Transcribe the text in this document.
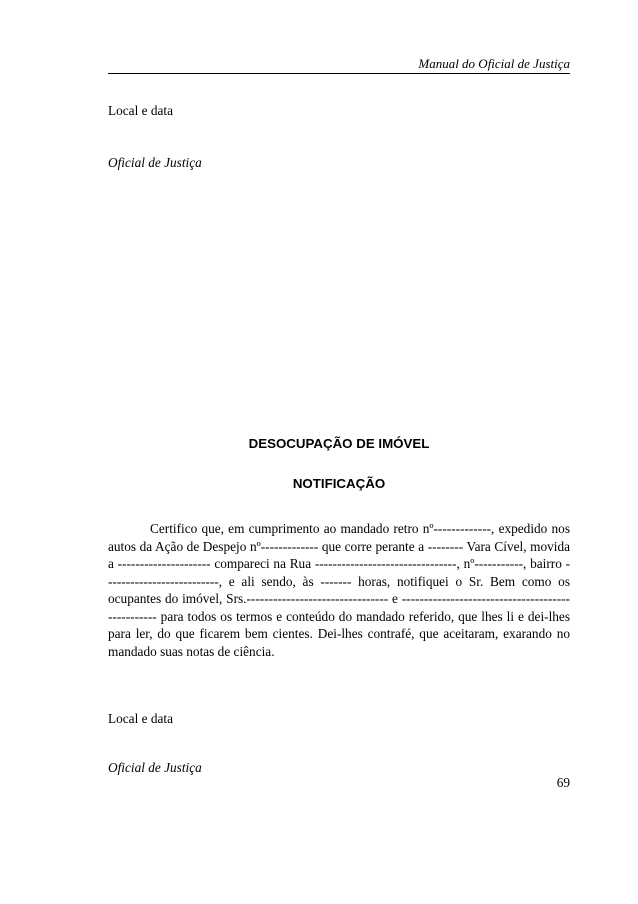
Manual do Oficial de Justiça
Local e data
Oficial de Justiça
DESOCUPAÇÃO DE IMÓVEL
NOTIFICAÇÃO

Certifico que, em cumprimento ao mandado retro nº-------------, expedido nos autos da Ação de Despejo nº------------- que corre perante a -------- Vara Cível, movida a --------------------- compareci na Rua --------------------------------, nº-----------, bairro --------------------------, e ali sendo, às ------- horas, notifiquei o Sr. Bem como os ocupantes do imóvel, Srs.-------------------------------- e ------------------------------------------------- para todos os termos e conteúdo do mandado referido, que lhes li e dei-lhes para ler, do que ficarem bem cientes. Dei-lhes contrafé, que aceitaram, exarando no mandado suas notas de ciência.

Local e data
Oficial de Justiça
69
